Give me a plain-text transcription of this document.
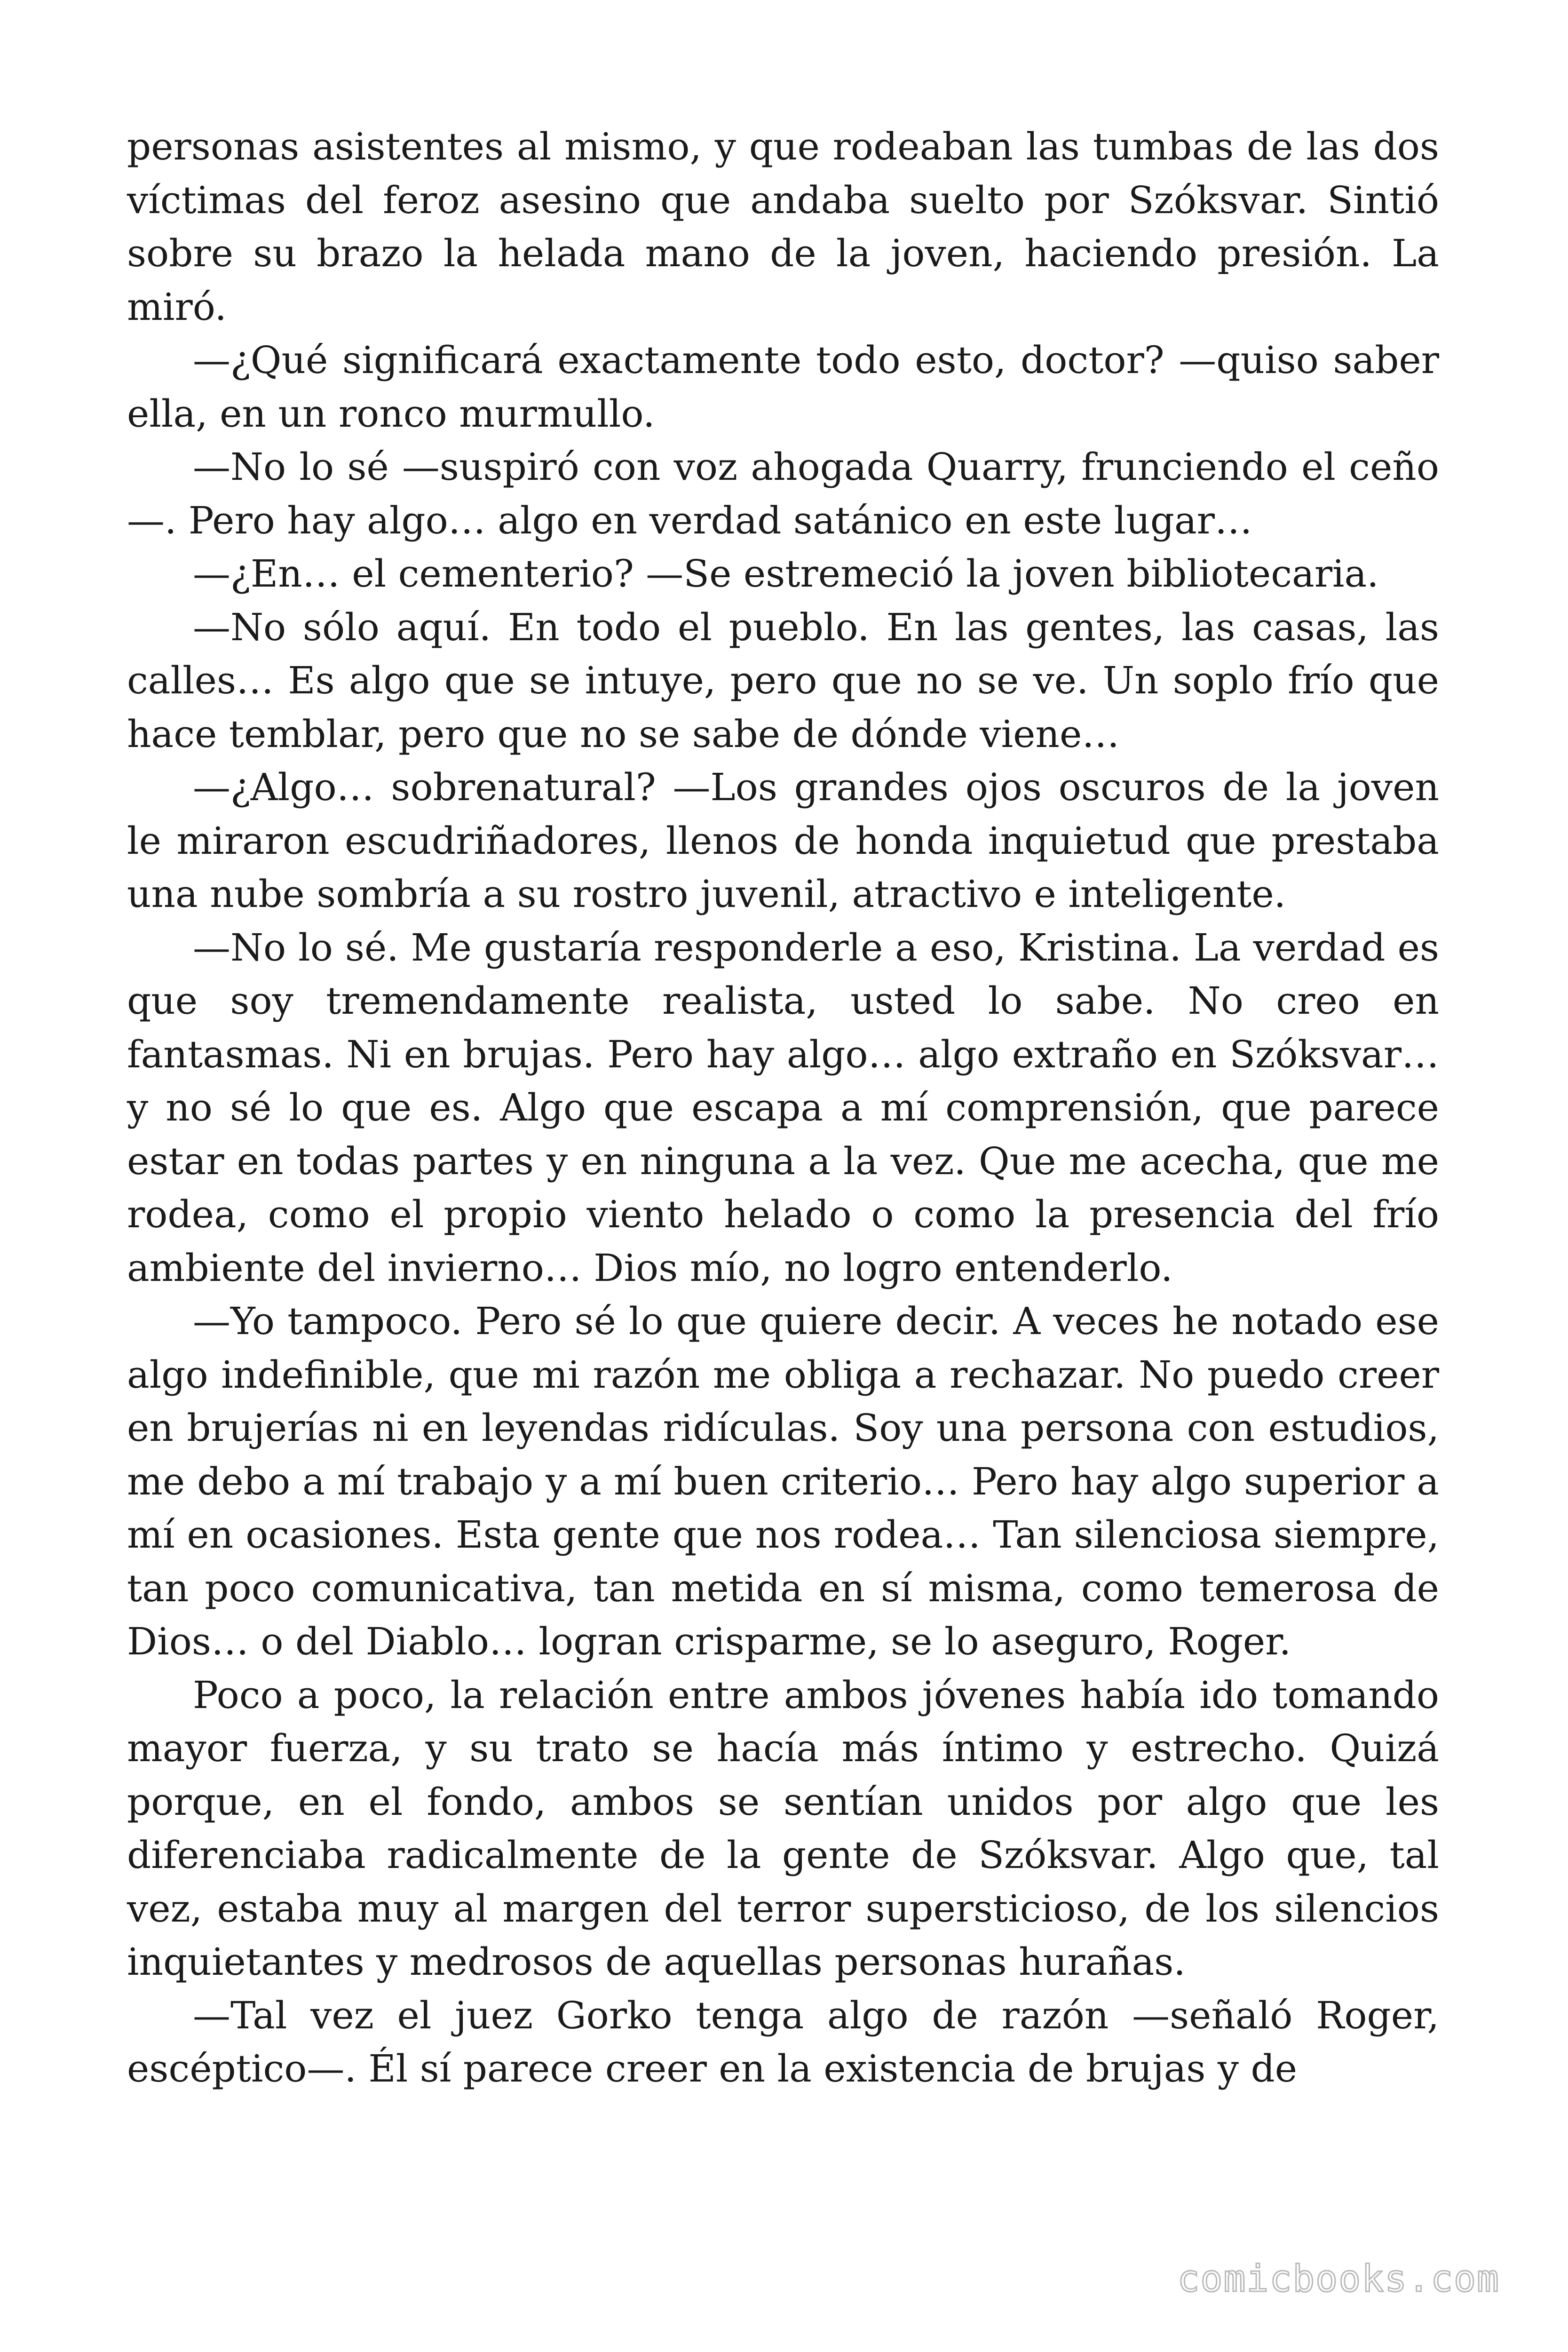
personas asistentes al mismo, y que rodeaban las tumbas de las dos víctimas del feroz asesino que andaba suelto por Szóksvar. Sintió sobre su brazo la helada mano de la joven, haciendo presión. La miró.

—¿Qué significará exactamente todo esto, doctor? —quiso saber ella, en un ronco murmullo.

—No lo sé —suspiró con voz ahogada Quarry, frunciendo el ceño—. Pero hay algo… algo en verdad satánico en este lugar…

—¿En… el cementerio? —Se estremeció la joven bibliotecaria.

—No sólo aquí. En todo el pueblo. En las gentes, las casas, las calles… Es algo que se intuye, pero que no se ve. Un soplo frío que hace temblar, pero que no se sabe de dónde viene…

—¿Algo… sobrenatural? —Los grandes ojos oscuros de la joven le miraron escudriñadores, llenos de honda inquietud que prestaba una nube sombría a su rostro juvenil, atractivo e inteligente.

—No lo sé. Me gustaría responderle a eso, Kristina. La verdad es que soy tremendamente realista, usted lo sabe. No creo en fantasmas. Ni en brujas. Pero hay algo… algo extraño en Szóksvar… y no sé lo que es. Algo que escapa a mí comprensión, que parece estar en todas partes y en ninguna a la vez. Que me acecha, que me rodea, como el propio viento helado o como la presencia del frío ambiente del invierno… Dios mío, no logro entenderlo.

—Yo tampoco. Pero sé lo que quiere decir. A veces he notado ese algo indefinible, que mi razón me obliga a rechazar. No puedo creer en brujerías ni en leyendas ridículas. Soy una persona con estudios, me debo a mí trabajo y a mí buen criterio… Pero hay algo superior a mí en ocasiones. Esta gente que nos rodea… Tan silenciosa siempre, tan poco comunicativa, tan metida en sí misma, como temerosa de Dios… o del Diablo… logran crisparme, se lo aseguro, Roger.

Poco a poco, la relación entre ambos jóvenes había ido tomando mayor fuerza, y su trato se hacía más íntimo y estrecho. Quizá porque, en el fondo, ambos se sentían unidos por algo que les diferenciaba radicalmente de la gente de Szóksvar. Algo que, tal vez, estaba muy al margen del terror supersticioso, de los silencios inquietantes y medrosos de aquellas personas hurañas.

—Tal vez el juez Gorko tenga algo de razón —señaló Roger, escéptico—. Él sí parece creer en la existencia de brujas y de

comicbooks.com
